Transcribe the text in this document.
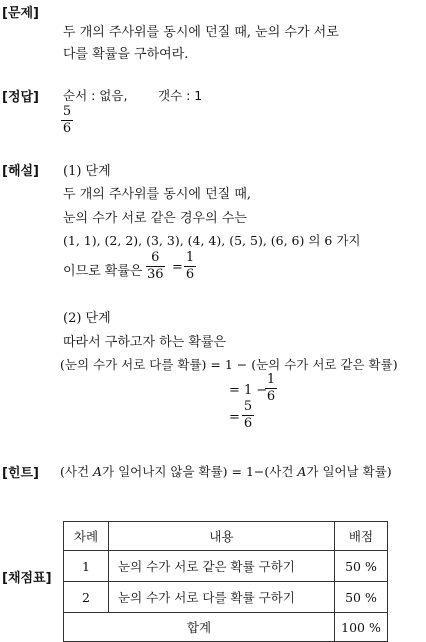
[문제]
두 개의 주사위를 동시에 던질 때, 눈의 수가 서로
다를 확률을 구하여라.
[정답] 순서 : 없음, 갯수 : 1
5
6
[해설] (1) 단계
두 개의 주사위를 동시에 던질 때,
눈의 수가 서로 같은 경우의 수는
(1, 1), (2, 2), (3, 3), (4, 4), (5, 5), (6, 6) 의 6 가지
이므로 확률은
6
36 =
1
6
(2) 단계
따라서 구하고자 하는 확률은
(눈의 수가 서로 다를 확률) = 1 − (눈의 수가 서로 같은 확률)
= 1 −
1
6
=
5
6
[힌트] (사건 A가 일어나지 않을 확률) = 1−(사건 A가 일어날 확률)
[채점표]
차례	내용	배점
1	눈의 수가 서로 같은 확률 구하기	50 %
2	눈의 수가 서로 다를 확률 구하기	50 %
합계		100 %
